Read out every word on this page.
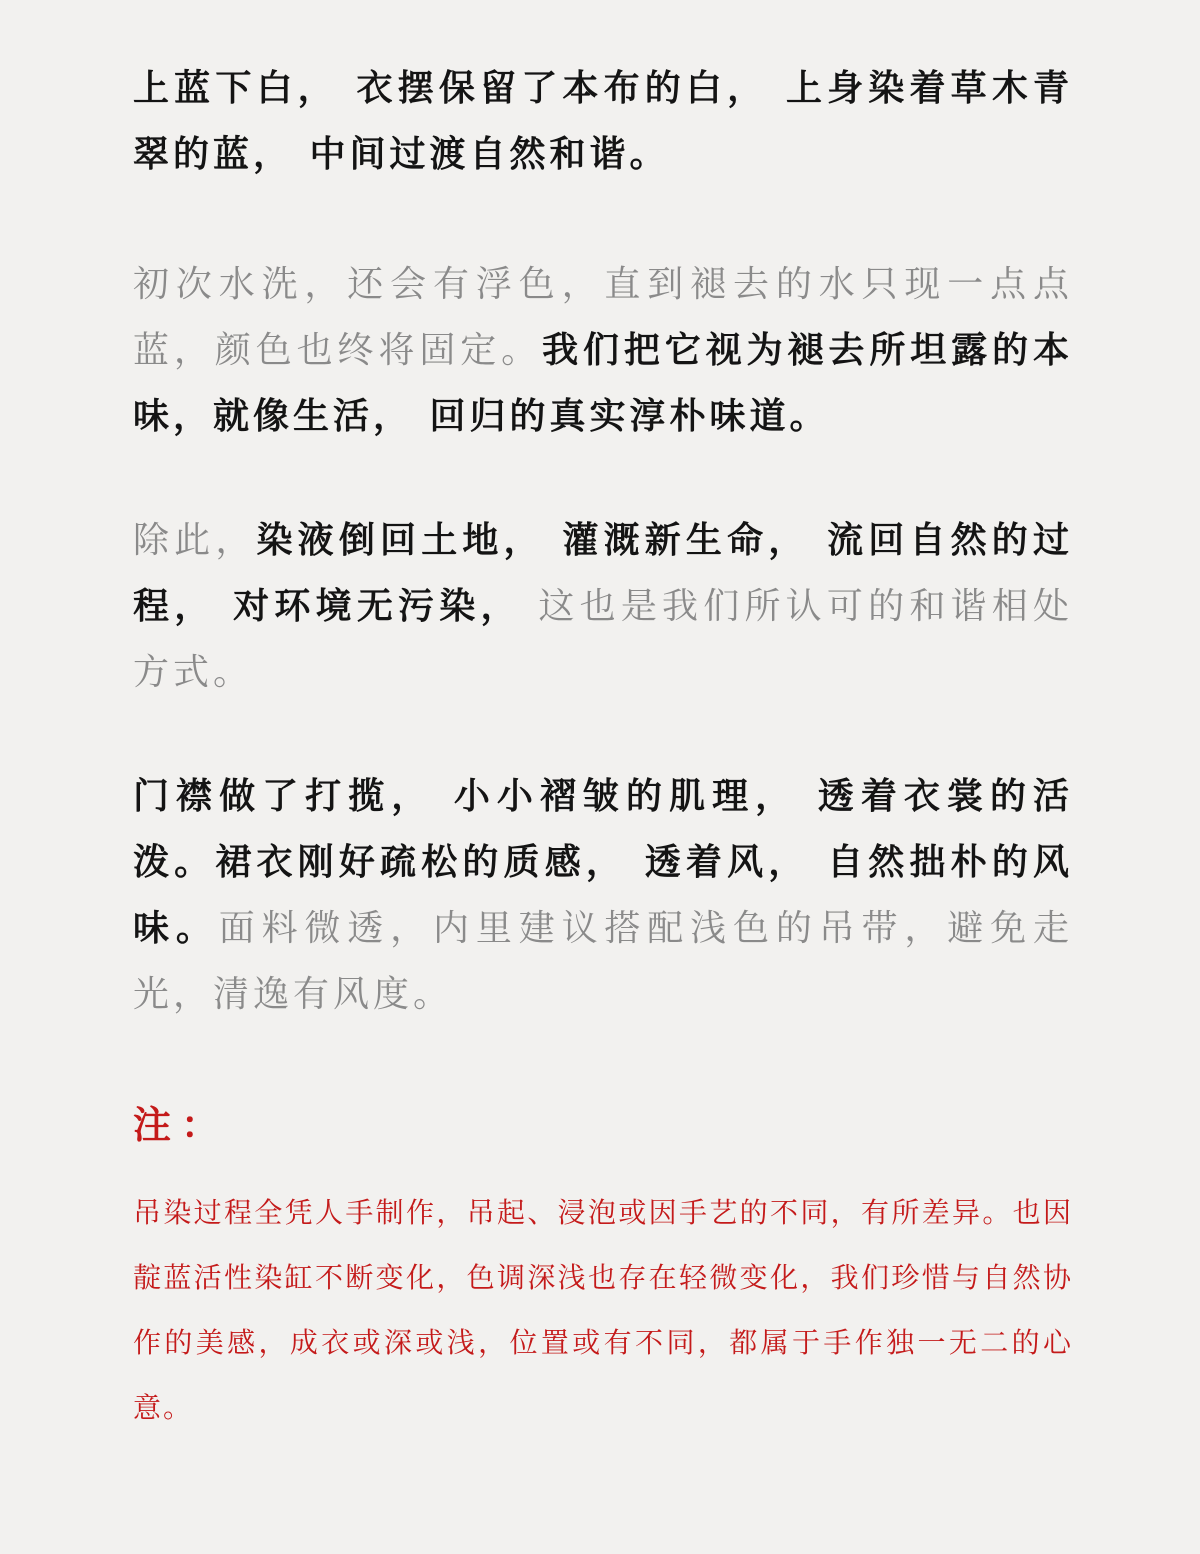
上蓝下白， 衣摆保留了本布的白， 上身染着草木青翠的蓝， 中间过渡自然和谐。

初次水洗，还会有浮色，直到褪去的水只现一点点蓝，颜色也终将固定。我们把它视为褪去所坦露的本味，就像生活， 回归的真实淳朴味道。

除此，染液倒回土地， 灌溉新生命， 流回自然的过程， 对环境无污染， 这也是我们所认可的和谐相处方式。

门襟做了打揽， 小小褶皱的肌理， 透着衣裳的活泼。裙衣刚好疏松的质感， 透着风， 自然拙朴的风味。面料微透，内里建议搭配浅色的吊带，避免走光，清逸有风度。

注：

吊染过程全凭人手制作，吊起、浸泡或因手艺的不同，有所差异。也因靛蓝活性染缸不断变化，色调深浅也存在轻微变化，我们珍惜与自然协作的美感，成衣或深或浅，位置或有不同，都属于手作独一无二的心意。
